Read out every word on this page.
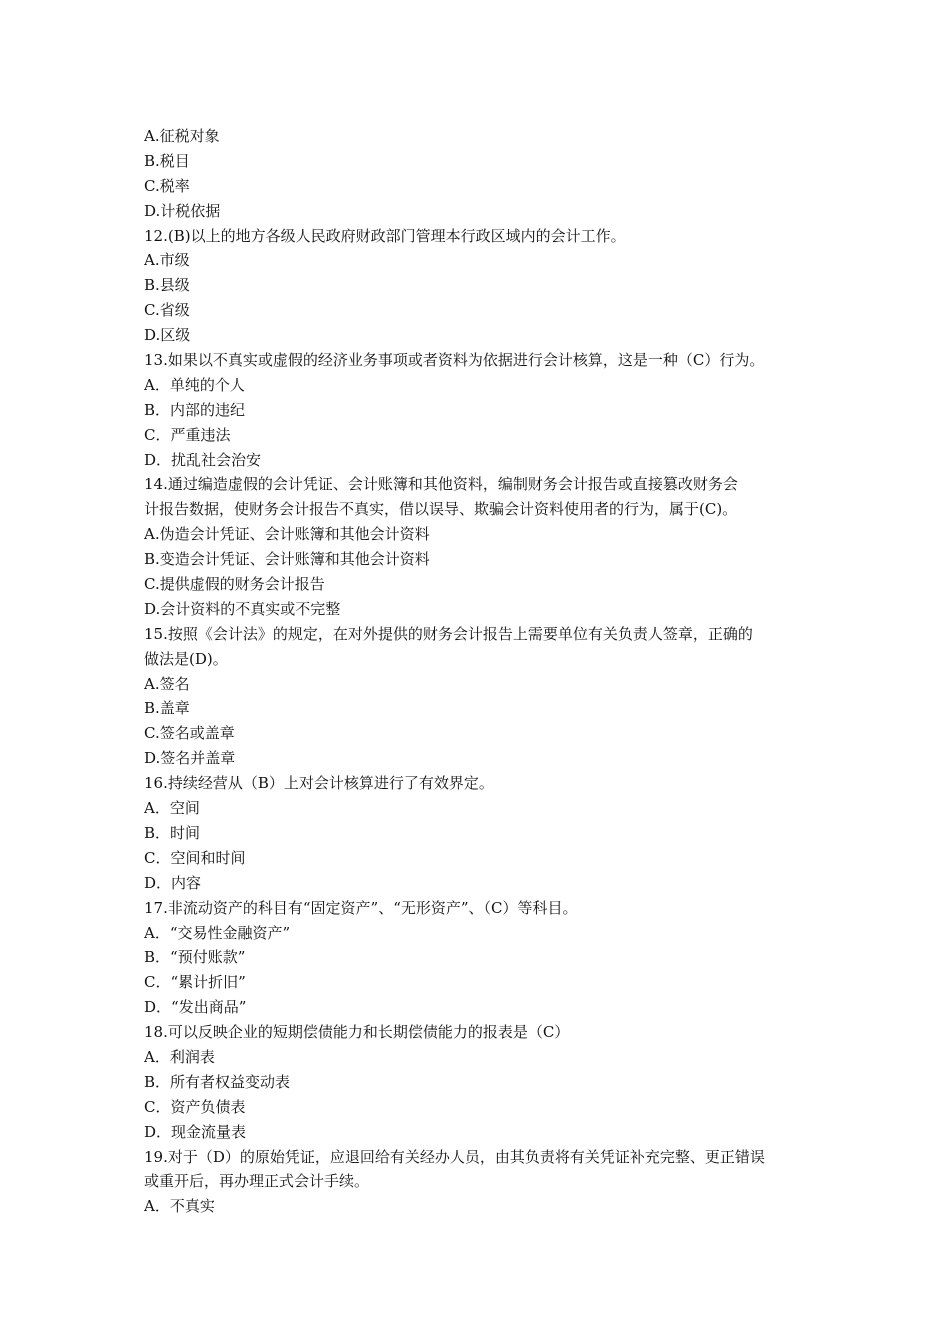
A.征税对象
B.税目
C.税率
D.计税依据
12.(B)以上的地方各级人民政府财政部门管理本行政区域内的会计工作。
A.市级
B.县级
C.省级
D.区级
13.如果以不真实或虚假的经济业务事项或者资料为依据进行会计核算，这是一种（C）行为。
A．单纯的个人
B．内部的违纪
C．严重违法
D．扰乱社会治安
14.通过编造虚假的会计凭证、会计账簿和其他资料，编制财务会计报告或直接篡改财务会
计报告数据，使财务会计报告不真实，借以误导、欺骗会计资料使用者的行为，属于(C)。
A.伪造会计凭证、会计账簿和其他会计资料
B.变造会计凭证、会计账簿和其他会计资料
C.提供虚假的财务会计报告
D.会计资料的不真实或不完整
15.按照《会计法》的规定，在对外提供的财务会计报告上需要单位有关负责人签章，正确的
做法是(D)。
A.签名
B.盖章
C.签名或盖章
D.签名并盖章
16.持续经营从（B）上对会计核算进行了有效界定。
A．空间
B．时间
C．空间和时间
D．内容
17.非流动资产的科目有“固定资产”、“无形资产”、（C）等科目。
A．“交易性金融资产”
B．“预付账款”
C．“累计折旧”
D．“发出商品”
18.可以反映企业的短期偿债能力和长期偿债能力的报表是（C）
A．利润表
B．所有者权益变动表
C．资产负债表
D．现金流量表
19.对于（D）的原始凭证，应退回给有关经办人员，由其负责将有关凭证补充完整、更正错误
或重开后，再办理正式会计手续。
A．不真实
